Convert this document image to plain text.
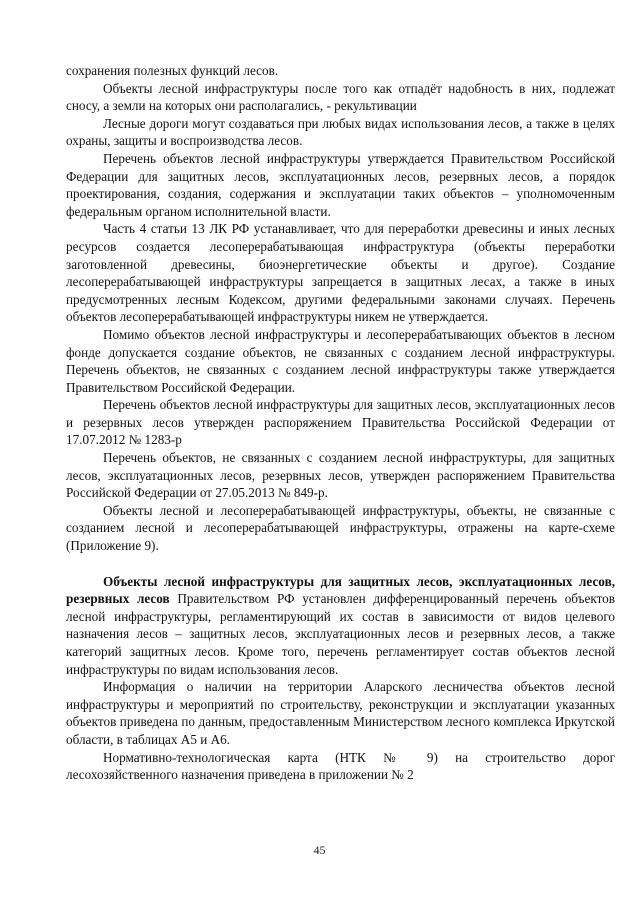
сохранения полезных функций лесов.

Объекты лесной инфраструктуры после того как отпадёт надобность в них, подлежат сносу, а земли на которых они располагались, - рекультивации

Лесные дороги могут создаваться при любых видах использования лесов, а также в целях охраны, защиты и воспроизводства лесов.

Перечень объектов лесной инфраструктуры утверждается Правительством Российской Федерации для защитных лесов, эксплуатационных лесов, резервных лесов, а порядок проектирования, создания, содержания и эксплуатации таких объектов – уполномоченным федеральным органом исполнительной власти.

Часть 4 статьи 13 ЛК РФ устанавливает, что для переработки древесины и иных лесных ресурсов создается лесоперерабатывающая инфраструктура (объекты переработки заготовленной древесины, биоэнергетические объекты и другое). Создание лесоперерабатывающей инфраструктуры запрещается в защитных лесах, а также в иных предусмотренных лесным Кодексом, другими федеральными законами случаях. Перечень объектов лесоперерабатывающей инфраструктуры никем не утверждается.

Помимо объектов лесной инфраструктуры и лесоперерабатывающих объектов в лесном фонде допускается создание объектов, не связанных с созданием лесной инфраструктуры. Перечень объектов, не связанных с созданием лесной инфраструктуры также утверждается Правительством Российской Федерации.

Перечень объектов лесной инфраструктуры для защитных лесов, эксплуатационных лесов и резервных лесов утвержден распоряжением Правительства Российской Федерации от 17.07.2012 № 1283-р

Перечень объектов, не связанных с созданием лесной инфраструктуры, для защитных лесов, эксплуатационных лесов, резервных лесов, утвержден распоряжением Правительства Российской Федерации от 27.05.2013 № 849-р.

Объекты лесной и лесоперерабатывающей инфраструктуры, объекты, не связанные с созданием лесной и лесоперерабатывающей инфраструктуры, отражены на карте-схеме (Приложение 9).

Объекты лесной инфраструктуры для защитных лесов, эксплуатационных лесов, резервных лесов Правительством РФ установлен дифференцированный перечень объектов лесной инфраструктуры, регламентирующий их состав в зависимости от видов целевого назначения лесов – защитных лесов, эксплуатационных лесов и резервных лесов, а также категорий защитных лесов. Кроме того, перечень регламентирует состав объектов лесной инфраструктуры по видам использования лесов.

Информация о наличии на территории Аларского лесничества объектов лесной инфраструктуры и мероприятий по строительству, реконструкции и эксплуатации указанных объектов приведена по данным, предоставленным Министерством лесного комплекса Иркутской области, в таблицах А5 и А6.

Нормативно-технологическая карта (НТК № 9) на строительство дорог лесохозяйственного назначения приведена в приложении № 2

45
